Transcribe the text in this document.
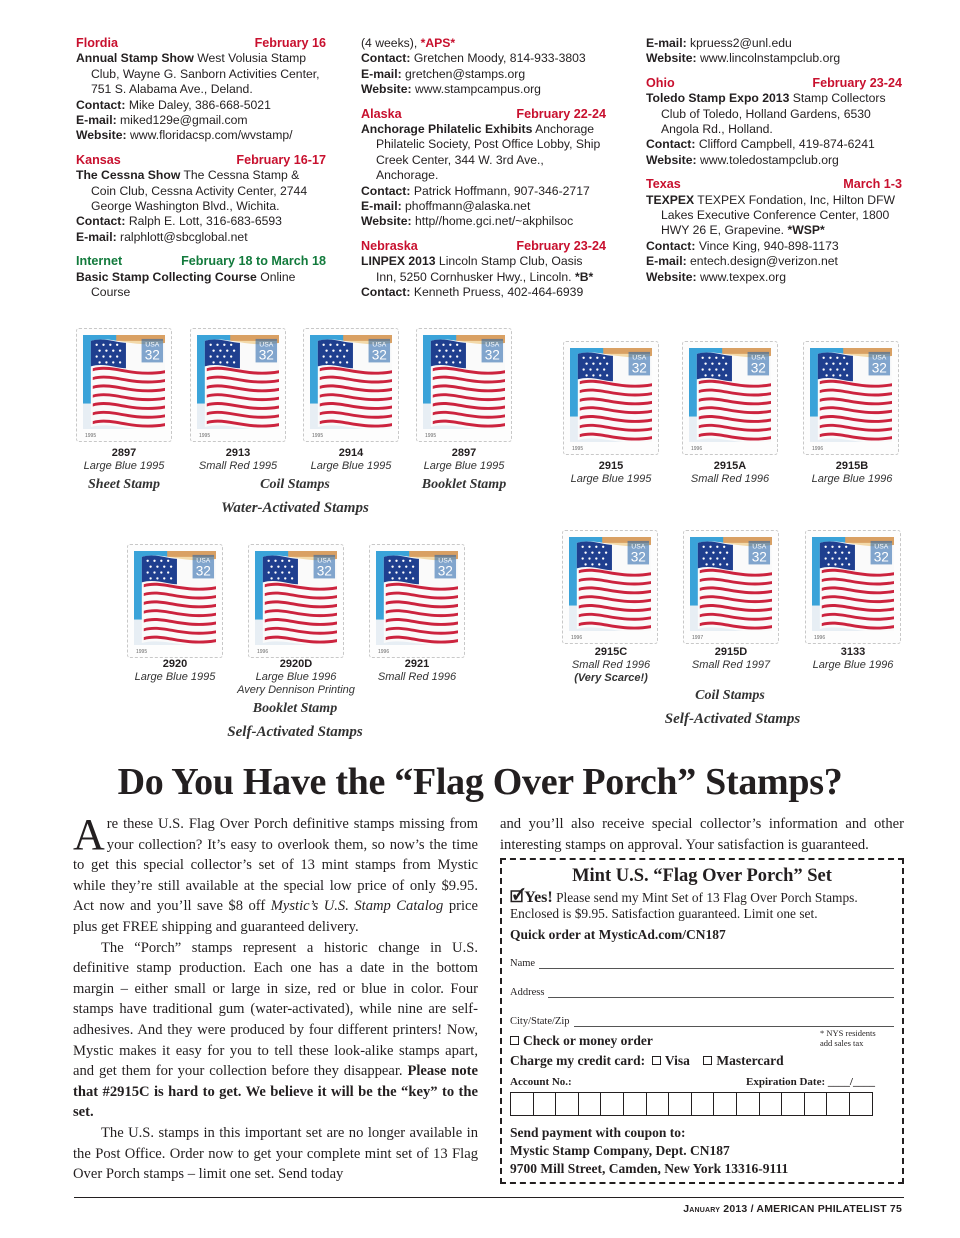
Flordia	February 16
Annual Stamp Show West Volusia Stamp Club, Wayne G. Sanborn Activities Center, 751 S. Alabama Ave., Deland.
Contact: Mike Daley, 386-668-5021
E-mail: miked129e@gmail.com
Website: www.floridacsp.com/wvstamp/
Kansas	February 16-17
The Cessna Show The Cessna Stamp & Coin Club, Cessna Activity Center, 2744 George Washington Blvd., Wichita.
Contact: Ralph E. Lott, 316-683-6593
E-mail: ralphlott@sbcglobal.net
Internet	February 18 to March 18
Basic Stamp Collecting Course Online Course
(4 weeks), *APS*
Contact: Gretchen Moody, 814-933-3803
E-mail: gretchen@stamps.org
Website: www.stampcampus.org
Alaska	February 22-24
Anchorage Philatelic Exhibits Anchorage Philatelic Society, Post Office Lobby, Ship Creek Center, 344 W. 3rd Ave., Anchorage.
Contact: Patrick Hoffmann, 907-346-2717
E-mail: phoffmann@alaska.net
Website: http//home.gci.net/~akphilsoc
Nebraska	February 23-24
LINPEX 2013 Lincoln Stamp Club, Oasis Inn, 5250 Cornhusker Hwy., Lincoln. *B*
Contact: Kenneth Pruess, 402-464-6939
E-mail: kpruess2@unl.edu
Website: www.lincolnstampclub.org
Ohio	February 23-24
Toledo Stamp Expo 2013 Stamp Collectors Club of Toledo, Holland Gardens, 6530 Angola Rd., Holland.
Contact: Clifford Campbell, 419-874-6241
Website: www.toledostampclub.org
Texas	March 1-3
TEXPEX TEXPEX Fondation, Inc, Hilton DFW Lakes Executive Conference Center, 1800 HWY 26 E, Grapevine. *WSP*
Contact: Vince King, 940-898-1173
E-mail: entech.design@verizon.net
Website: www.texpex.org
USA
32
1995
USA
32
1995
USA
32
1995
USA
32
1995
USA
32
1995
USA
32
1996
USA
32
1996
USA
32
1995
USA
32
1996
USA
32
1996
USA
32
1996
USA
32
1997
USA
32
1996
Sheet Stamp	Coil Stamps	Booklet Stamp
Water-Activated Stamps
Booklet Stamp
Self-Activated Stamps
Coil Stamps
Self-Activated Stamps
Do You Have the “Flag Over Porch” Stamps?

Are these U.S. Flag Over Porch definitive stamps missing from your collection? It’s easy to overlook them, so now’s the time to get this special collector’s set of 13 mint stamps from Mystic while they’re still available at the special low price of only $9.95. Act now and you’ll save $8 off Mystic’s U.S. Stamp Catalog price plus get FREE shipping and guaranteed delivery.

The “Porch” stamps represent a historic change in U.S. definitive stamp production. Each one has a date in the bottom margin – either small or large in size, red or blue in color. Four stamps have traditional gum (water-activated), while nine are self-adhesives. And they were produced by four different printers! Now, Mystic makes it easy for you to tell these look-alike stamps apart, and get them for your collection before they disappear. Please note that #2915C is hard to get. We believe it will be the “key” to the set.

The U.S. stamps in this important set are no longer available in the Post Office. Order now to get your complete mint set of 13 Flag Over Porch stamps – limit one set. Send today

and you’ll also receive special collector’s information and other interesting stamps on approval. Your satisfaction is guaranteed.
Mint U.S. “Flag Over Porch” Set
🗹Yes! Please send my Mint Set of 13 Flag Over Porch Stamps. Enclosed is $9.95. Satisfaction guaranteed. Limit one set.
Quick order at MysticAd.com/CN187
Name
Address
City/State/Zip
* NYS residents
add sales tax
Check or money order
Charge my credit card: Visa Mastercard
Account No.:	Expiration Date: ____/____
Send payment with coupon to:
Mystic Stamp Company, Dept. CN187
9700 Mill Street, Camden, New York 13316-9111
January 2013 / AMERICAN PHILATELIST 75
2897
Large Blue 1995
2913
Small Red 1995
2914
Large Blue 1995
2897
Large Blue 1995	2915
Large Blue 1995
2915A
Small Red 1996
2915B
Large Blue 1996
2920
Large Blue 1995
2920D
Large Blue 1996
Avery Dennison Printing
2921
Small Red 1996
2915C
Small Red 1996
(Very Scarce!)
2915D
Small Red 1997
3133
Large Blue 1996
